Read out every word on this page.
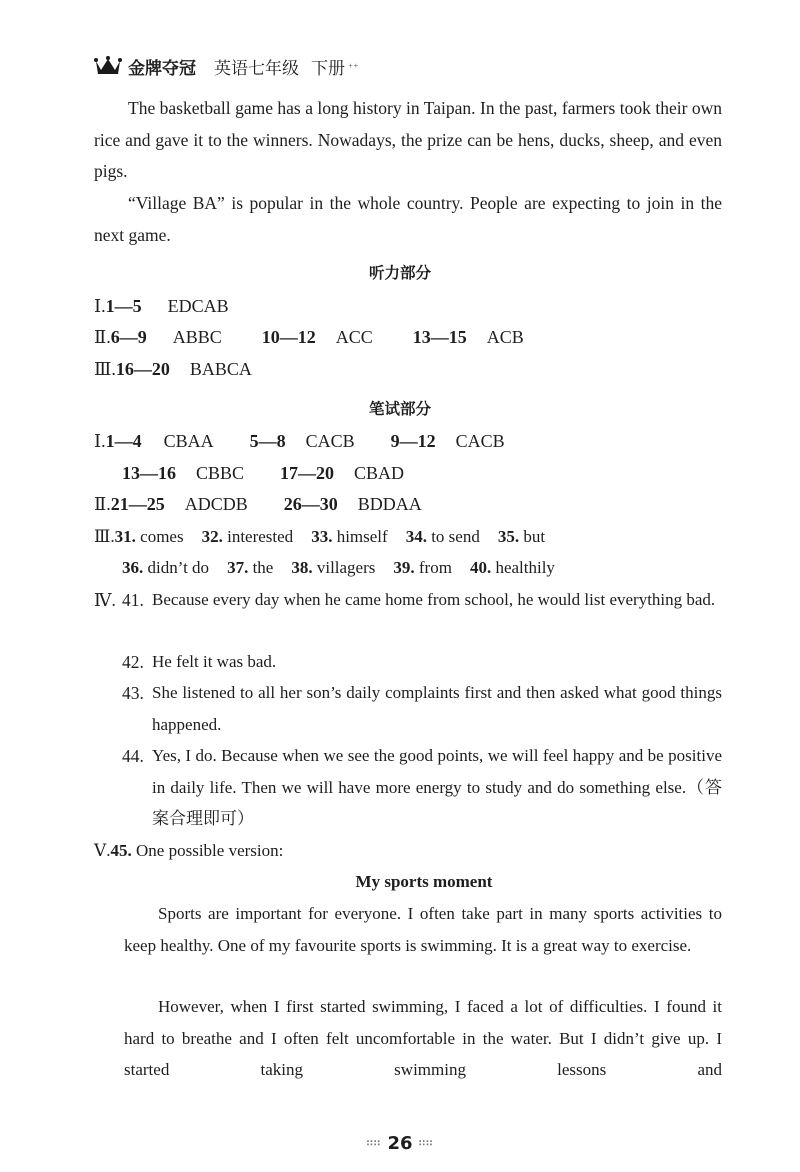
金牌夺冠 英语七年级 下册 ⁺⁺
The basketball game has a long history in Taipan. In the past, farmers took their own rice and gave it to the winners. Nowadays, the prize can be hens, ducks, sheep, and even pigs.
“Village BA” is popular in the whole country. People are expecting to join in the next game.
听力部分
Ⅰ.1—5 EDCAB
Ⅱ.6—9 ABBC 10—12 ACC 13—15 ACB
Ⅲ.16—20 BABCA
笔试部分
Ⅰ.1—4 CBAA 5—8 CACB 9—12 CACB
13—16 CBBC 17—20 CBAD
Ⅱ.21—25 ADCDB 26—30 BDDAA
Ⅲ.31. comes 32. interested 33. himself 34. to send 35. but
36. didn’t do 37. the 38. villagers 39. from 40. healthily
Ⅳ. 41. Because every day when he came home from school, he would list everything bad.
42. He felt it was bad.
43. She listened to all her son’s daily complaints first and then asked what good things happened.
44. Yes, I do. Because when we see the good points, we will feel happy and be positive in daily life. Then we will have more energy to study and do something else.（答案合理即可）
Ⅴ.45. One possible version:
My sports moment
Sports are important for everyone. I often take part in many sports activities to keep healthy. One of my favourite sports is swimming. It is a great way to exercise.
However, when I first started swimming, I faced a lot of difficulties. I found it hard to breathe and I often felt uncomfortable in the water. But I didn’t give up. I started taking swimming lessons and
∷∷ 26 ∷∷
